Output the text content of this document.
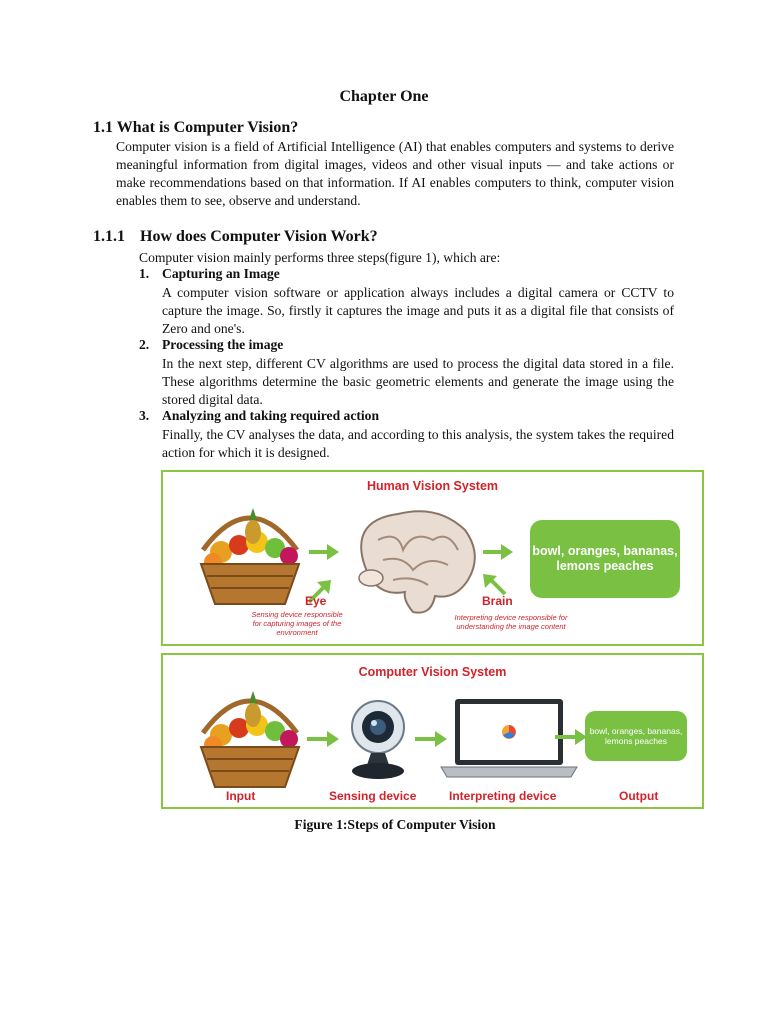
Chapter One
1.1 What is Computer Vision?
Computer vision is a field of Artificial Intelligence (AI) that enables computers and systems to derive meaningful information from digital images, videos and other visual inputs — and take actions or make recommendations based on that information. If AI enables computers to think, computer vision enables them to see, observe and understand.
1.1.1 How does Computer Vision Work?
Computer vision mainly performs three steps(figure 1), which are:
1. Capturing an Image
A computer vision software or application always includes a digital camera or CCTV to capture the image. So, firstly it captures the image and puts it as a digital file that consists of Zero and one's.
2. Processing the image
In the next step, different CV algorithms are used to process the digital data stored in a file. These algorithms determine the basic geometric elements and generate the image using the stored digital data.
3. Analyzing and taking required action
Finally, the CV analyses the data, and according to this analysis, the system takes the required action for which it is designed.
Human Vision System
bowl, oranges, bananas, lemons peaches
Eye
Sensing device responsible for capturing images of the environment
Brain
Interpreting device responsible for understanding the image content
Computer Vision System
bowl, oranges, bananas, lemons peaches
Input	Sensing device	Interpreting device	Output
Figure 1:Steps of Computer Vision
